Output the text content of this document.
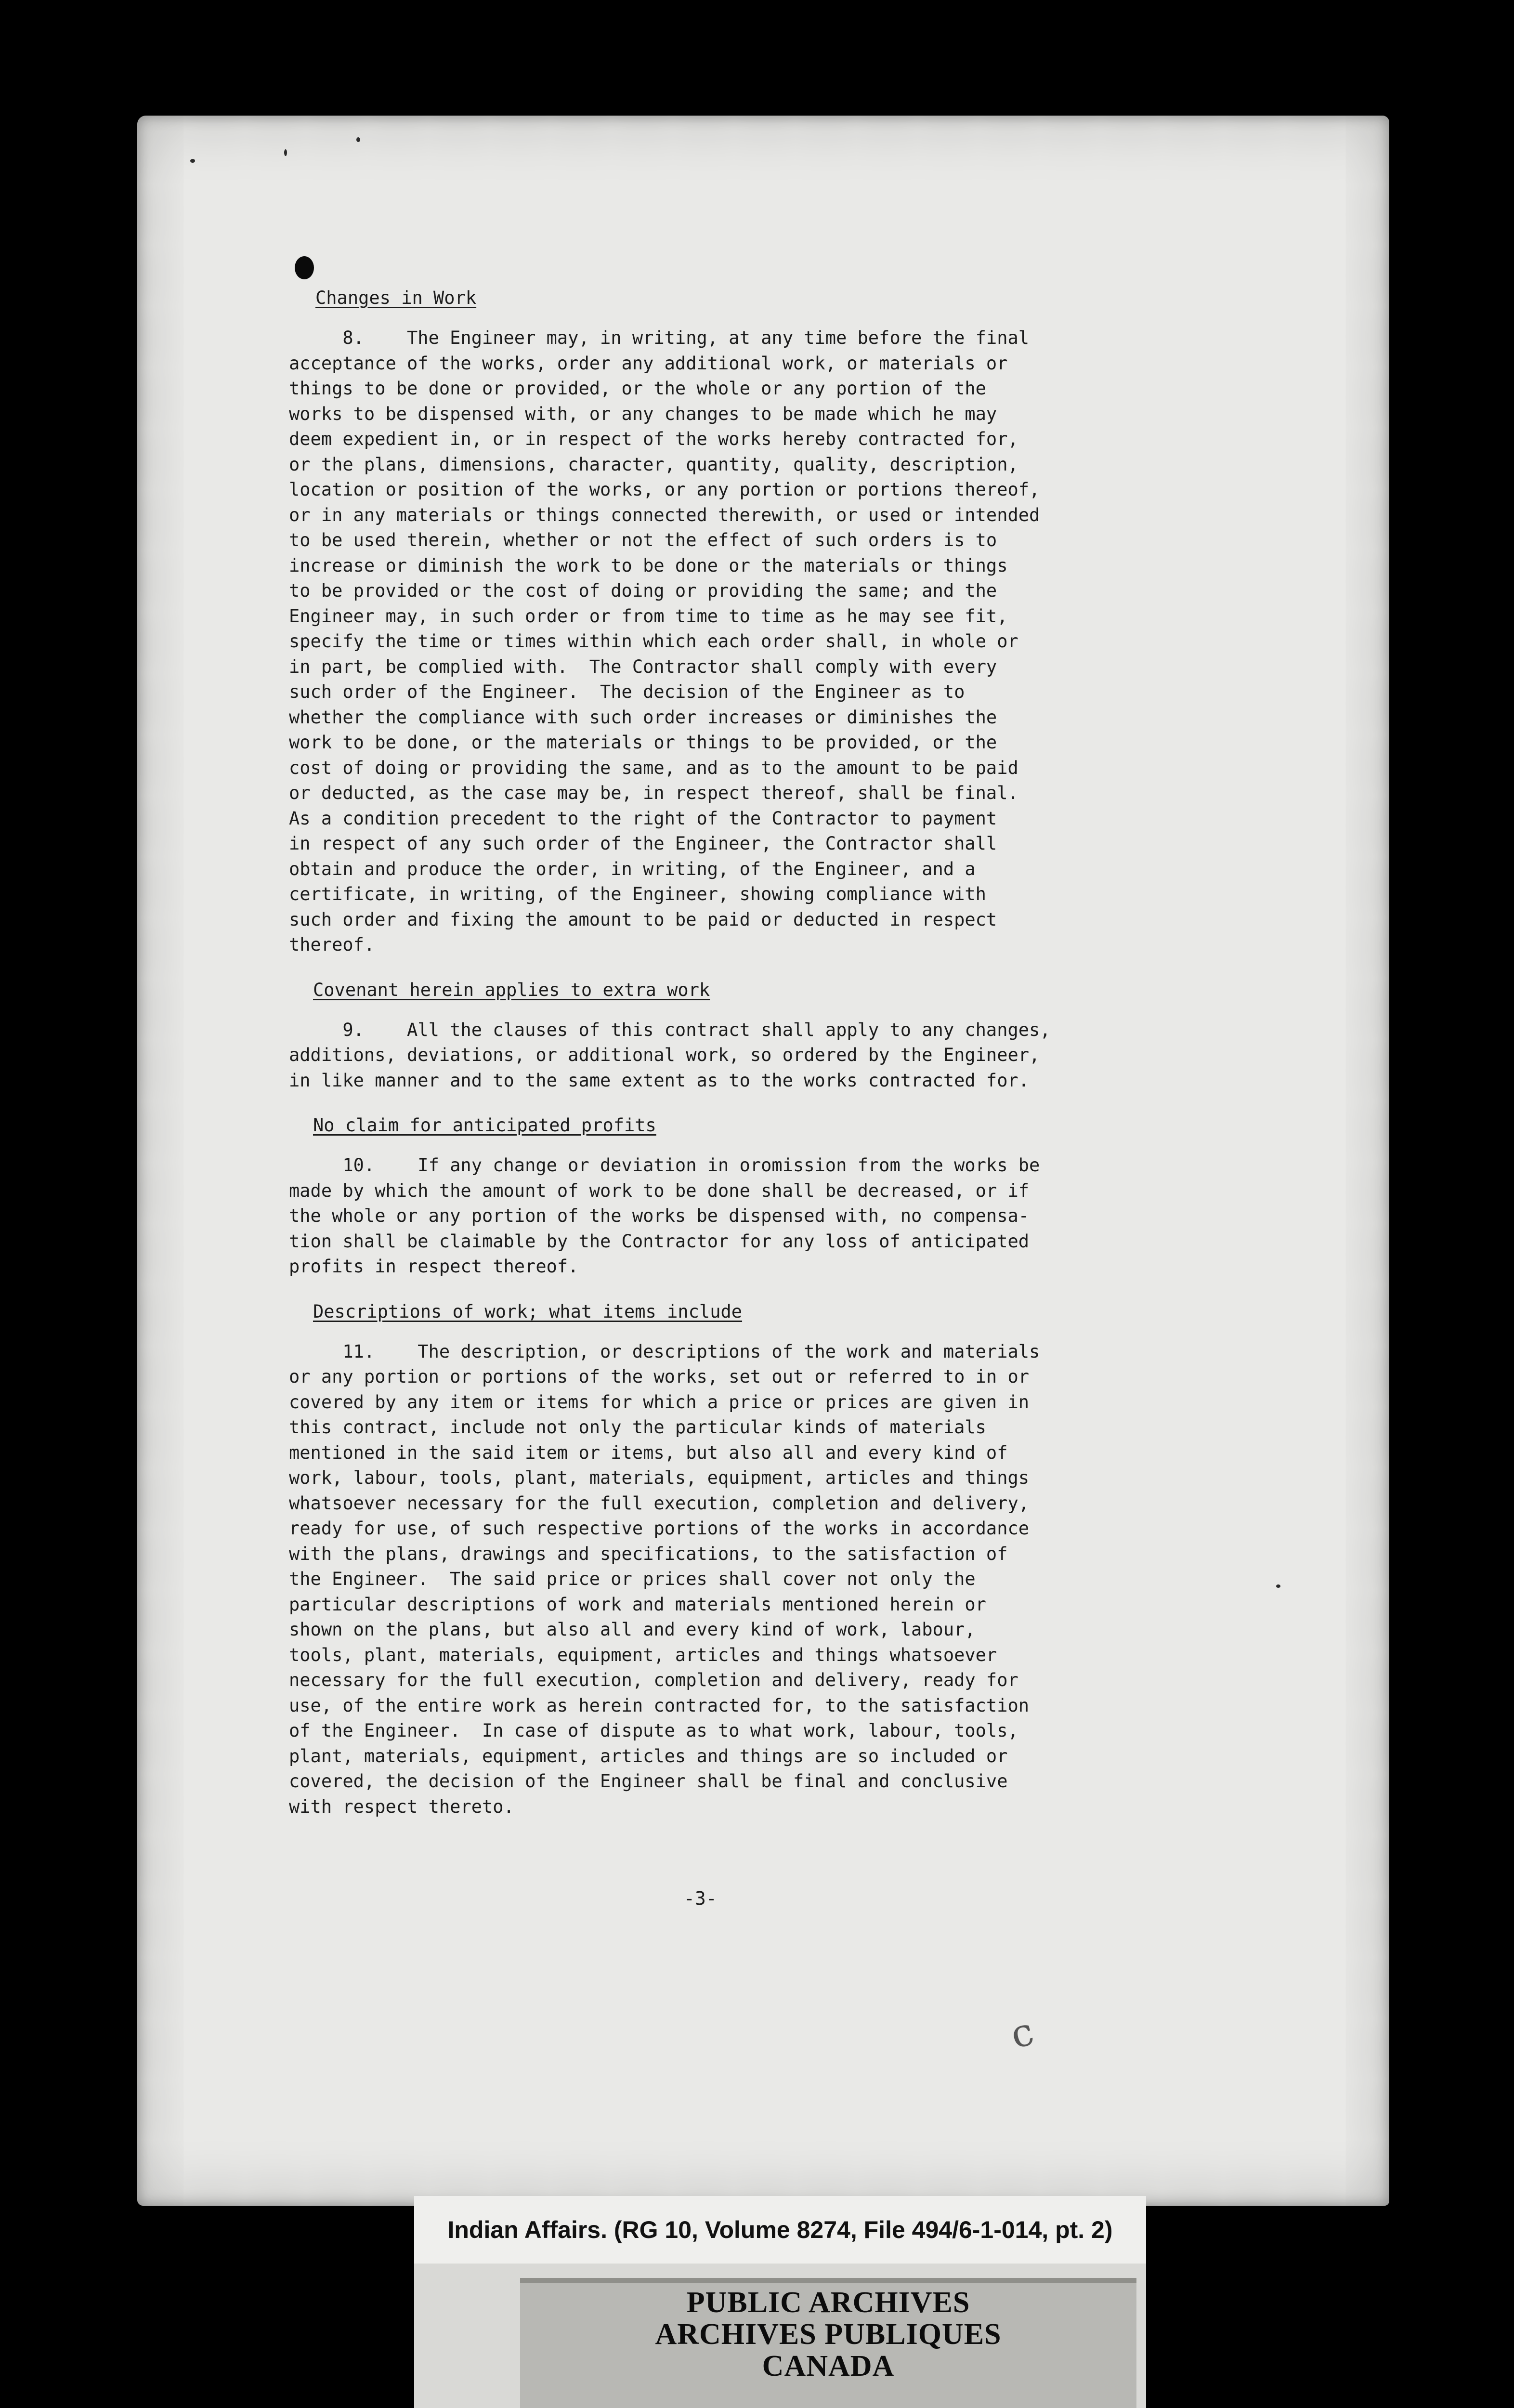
Changes in Work
8.    The Engineer may, in writing, at any time before the final
acceptance of the works, order any additional work, or materials or
things to be done or provided, or the whole or any portion of the
works to be dispensed with, or any changes to be made which he may
deem expedient in, or in respect of the works hereby contracted for,
or the plans, dimensions, character, quantity, quality, description,
location or position of the works, or any portion or portions thereof,
or in any materials or things connected therewith, or used or intended
to be used therein, whether or not the effect of such orders is to
increase or diminish the work to be done or the materials or things
to be provided or the cost of doing or providing the same; and the
Engineer may, in such order or from time to time as he may see fit,
specify the time or times within which each order shall, in whole or
in part, be complied with.  The Contractor shall comply with every
such order of the Engineer.  The decision of the Engineer as to
whether the compliance with such order increases or diminishes the
work to be done, or the materials or things to be provided, or the
cost of doing or providing the same, and as to the amount to be paid
or deducted, as the case may be, in respect thereof, shall be final.
As a condition precedent to the right of the Contractor to payment
in respect of any such order of the Engineer, the Contractor shall
obtain and produce the order, in writing, of the Engineer, and a
certificate, in writing, of the Engineer, showing compliance with
such order and fixing the amount to be paid or deducted in respect
thereof.
Covenant herein applies to extra work
9.    All the clauses of this contract shall apply to any changes,
additions, deviations, or additional work, so ordered by the Engineer,
in like manner and to the same extent as to the works contracted for.
No claim for anticipated profits
10.    If any change or deviation in oromission from the works be
made by which the amount of work to be done shall be decreased, or if
the whole or any portion of the works be dispensed with, no compensa-
tion shall be claimable by the Contractor for any loss of anticipated
profits in respect thereof.
Descriptions of work; what items include
11.    The description, or descriptions of the work and materials
or any portion or portions of the works, set out or referred to in or
covered by any item or items for which a price or prices are given in
this contract, include not only the particular kinds of materials
mentioned in the said item or items, but also all and every kind of
work, labour, tools, plant, materials, equipment, articles and things
whatsoever necessary for the full execution, completion and delivery,
ready for use, of such respective portions of the works in accordance
with the plans, drawings and specifications, to the satisfaction of
the Engineer.  The said price or prices shall cover not only the
particular descriptions of work and materials mentioned herein or
shown on the plans, but also all and every kind of work, labour,
tools, plant, materials, equipment, articles and things whatsoever
necessary for the full execution, completion and delivery, ready for
use, of the entire work as herein contracted for, to the satisfaction
of the Engineer.  In case of dispute as to what work, labour, tools,
plant, materials, equipment, articles and things are so included or
covered, the decision of the Engineer shall be final and conclusive
with respect thereto.
-3-
c
Indian Affairs. (RG 10, Volume 8274, File 494/6-1-014, pt. 2)
PUBLIC ARCHIVES
ARCHIVES PUBLIQUES
CANADA
